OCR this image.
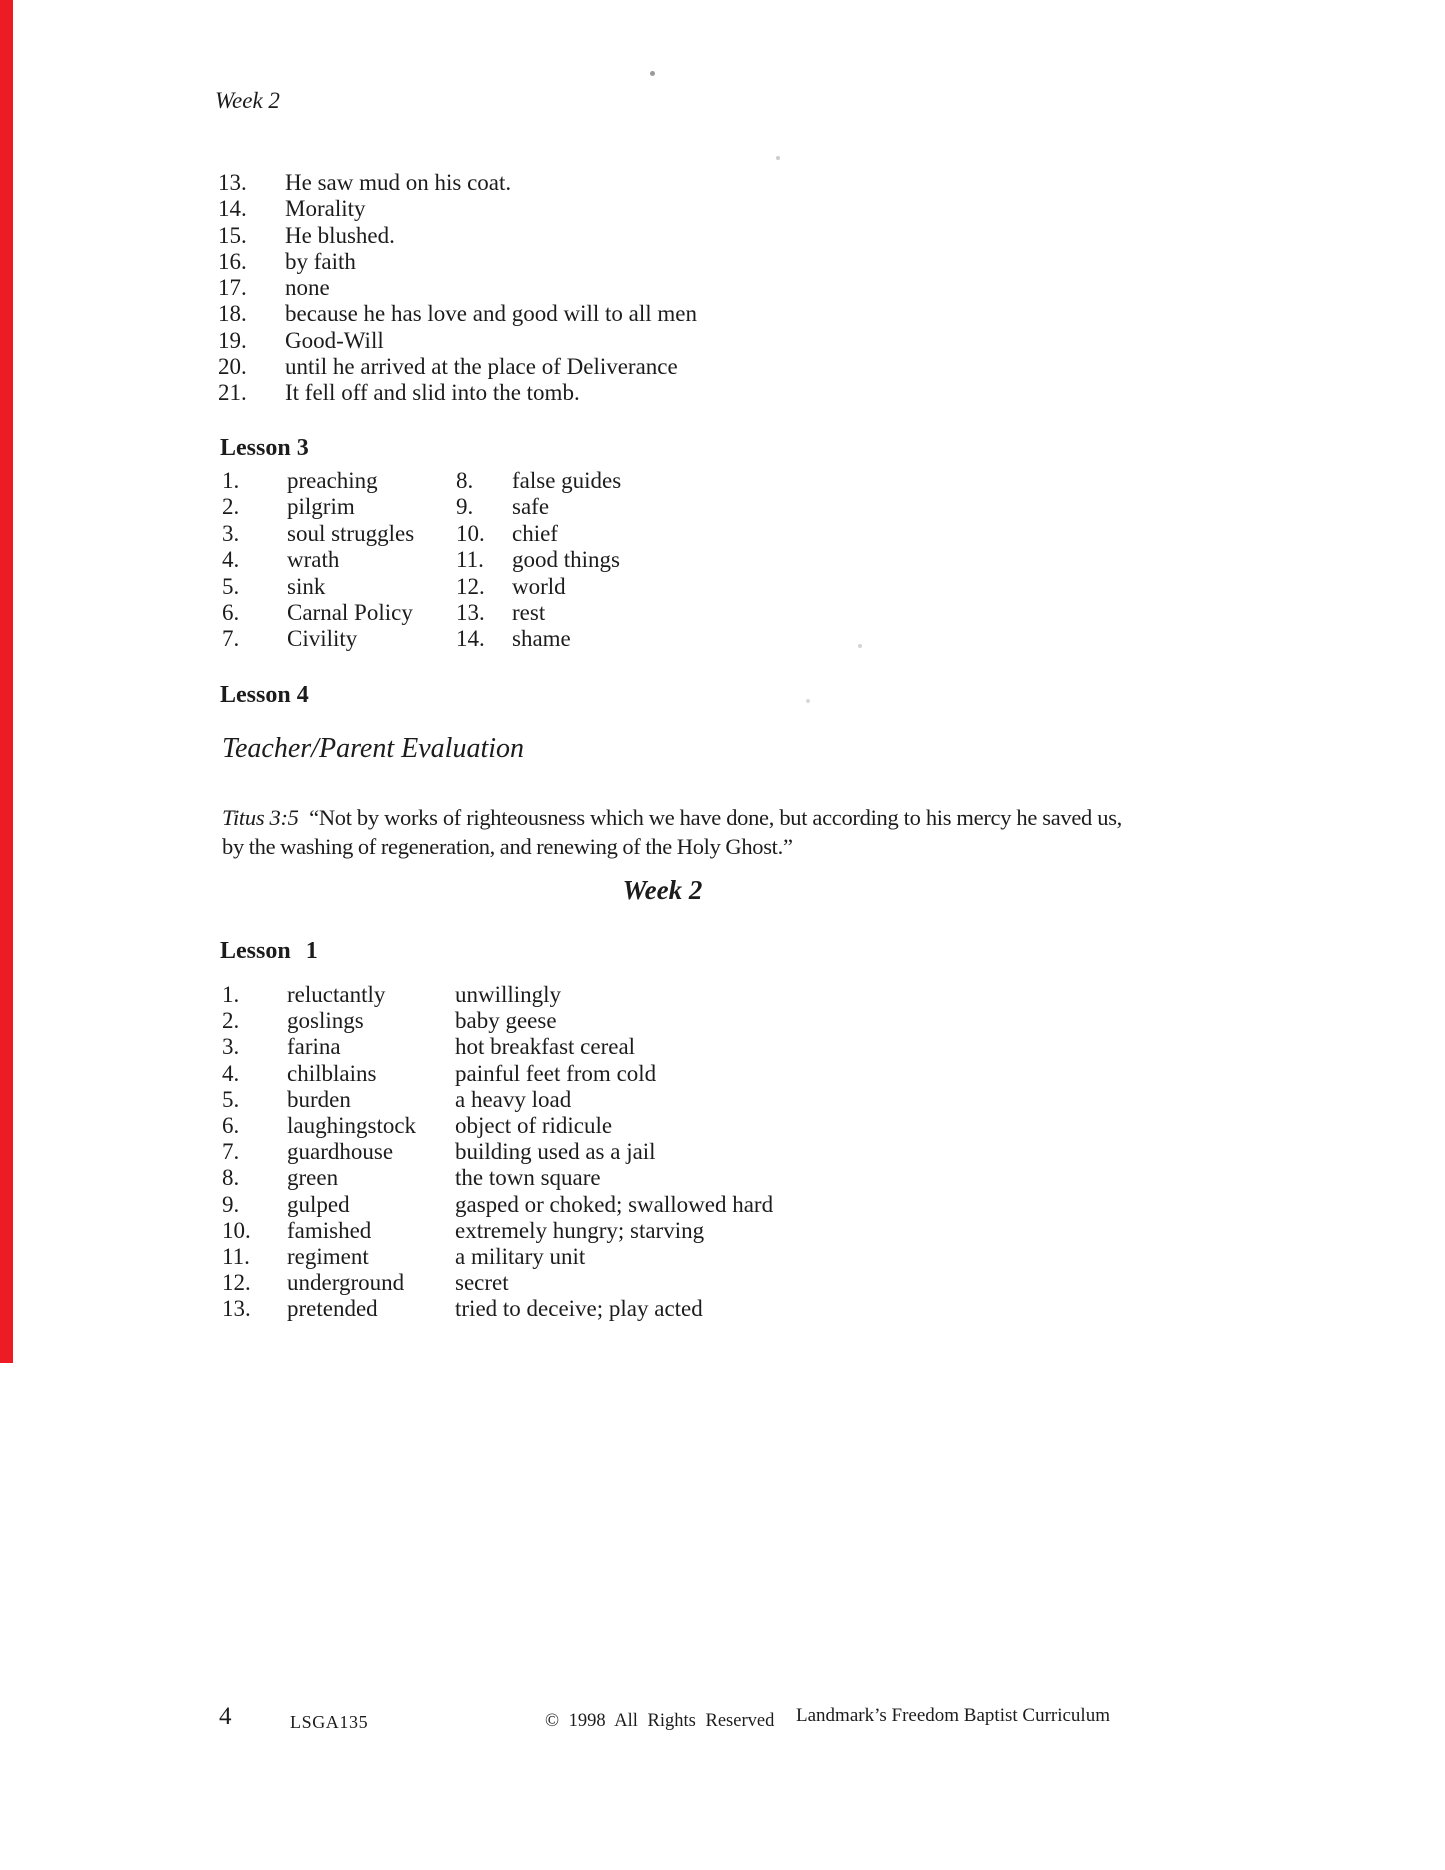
Week 2
13.	He saw mud on his coat.
14.	Morality
15.	He blushed.
16.	by faith
17.	none
18.	because he has love and good will to all men
19.	Good-Will
20.	until he arrived at the place of Deliverance
21.	It fell off and slid into the tomb.
Lesson 3
1.	preaching
2.	pilgrim
3.	soul struggles
4.	wrath
5.	sink
6.	Carnal Policy
7.	Civility
8.	false guides
9.	safe
10.	chief
11.	good things
12.	world
13.	rest
14.	shame
Lesson 4
Teacher/Parent Evaluation

Titus 3:5 “Not by works of righteousness which we have done, but according to his mercy he saved us, by the washing of regeneration, and renewing of the Holy Ghost.”

Week 2
Lesson 1
1.	reluctantly	unwillingly
2.	goslings	baby geese
3.	farina	hot breakfast cereal
4.	chilblains	painful feet from cold
5.	burden	a heavy load
6.	laughingstock	object of ridicule
7.	guardhouse	building used as a jail
8.	green	the town square
9.	gulped	gasped or choked; swallowed hard
10.	famished	extremely hungry; starving
11.	regiment	a military unit
12.	underground	secret
13.	pretended	tried to deceive; play acted
4	LSGA135	© 1998 All Rights Reserved Landmark’s Freedom Baptist Curriculum
